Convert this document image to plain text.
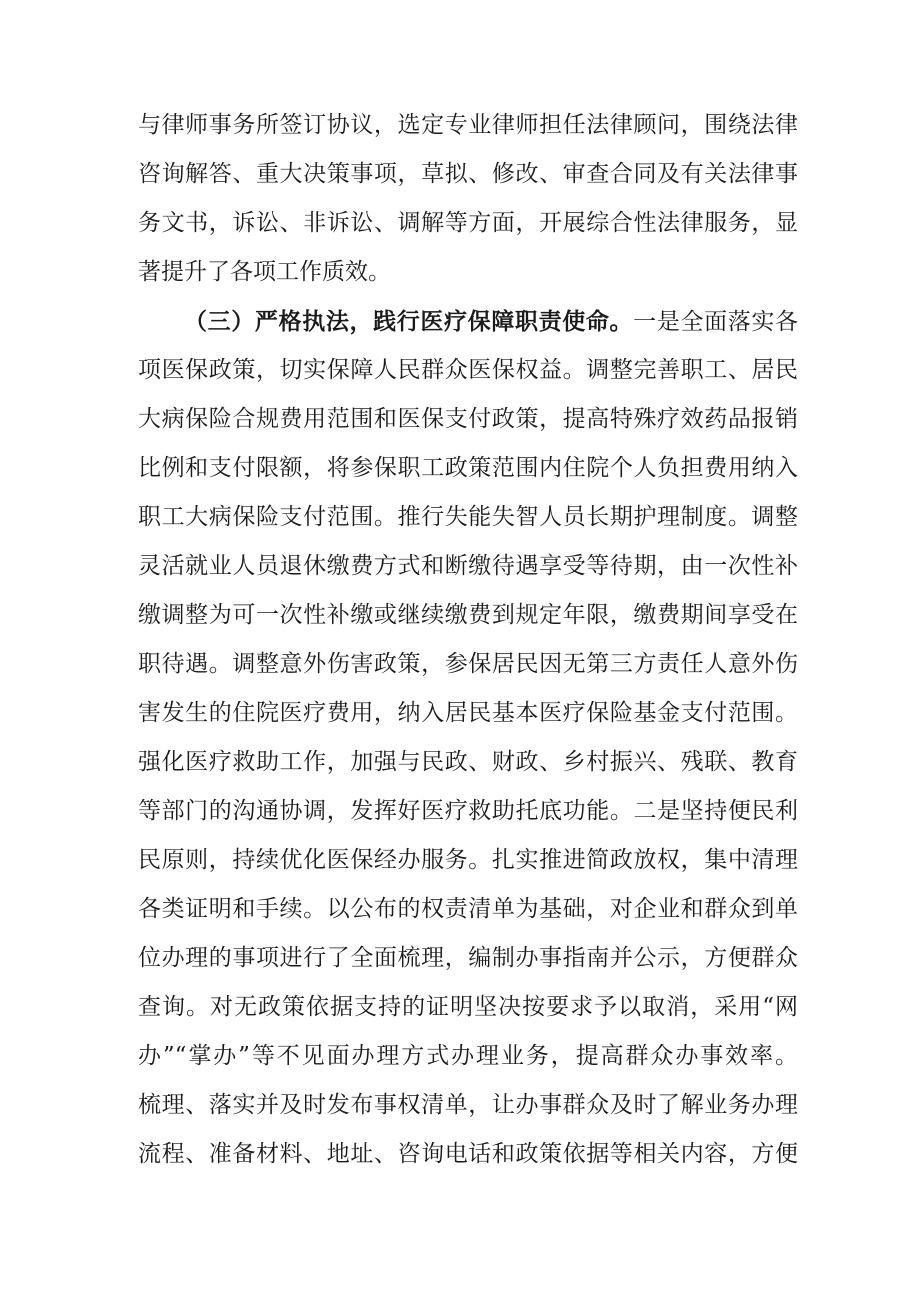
与律师事务所签订协议，选定专业律师担任法律顾问，围绕法律
咨询解答、重大决策事项，草拟、修改、审查合同及有关法律事
务文书，诉讼、非诉讼、调解等方面，开展综合性法律服务，显
著提升了各项工作质效。
（三）严格执法，践行医疗保障职责使命。一是全面落实各
项医保政策，切实保障人民群众医保权益。调整完善职工、居民
大病保险合规费用范围和医保支付政策，提高特殊疗效药品报销
比例和支付限额，将参保职工政策范围内住院个人负担费用纳入
职工大病保险支付范围。推行失能失智人员长期护理制度。调整
灵活就业人员退休缴费方式和断缴待遇享受等待期，由一次性补
缴调整为可一次性补缴或继续缴费到规定年限，缴费期间享受在
职待遇。调整意外伤害政策，参保居民因无第三方责任人意外伤
害发生的住院医疗费用，纳入居民基本医疗保险基金支付范围。
强化医疗救助工作，加强与民政、财政、乡村振兴、残联、教育
等部门的沟通协调，发挥好医疗救助托底功能。二是坚持便民利
民原则，持续优化医保经办服务。扎实推进简政放权，集中清理
各类证明和手续。以公布的权责清单为基础，对企业和群众到单
位办理的事项进行了全面梳理，编制办事指南并公示，方便群众
查询。对无政策依据支持的证明坚决按要求予以取消，采用“网
办”“掌办”等不见面办理方式办理业务，提高群众办事效率。
梳理、落实并及时发布事权清单，让办事群众及时了解业务办理
流程、准备材料、地址、咨询电话和政策依据等相关内容，方便
